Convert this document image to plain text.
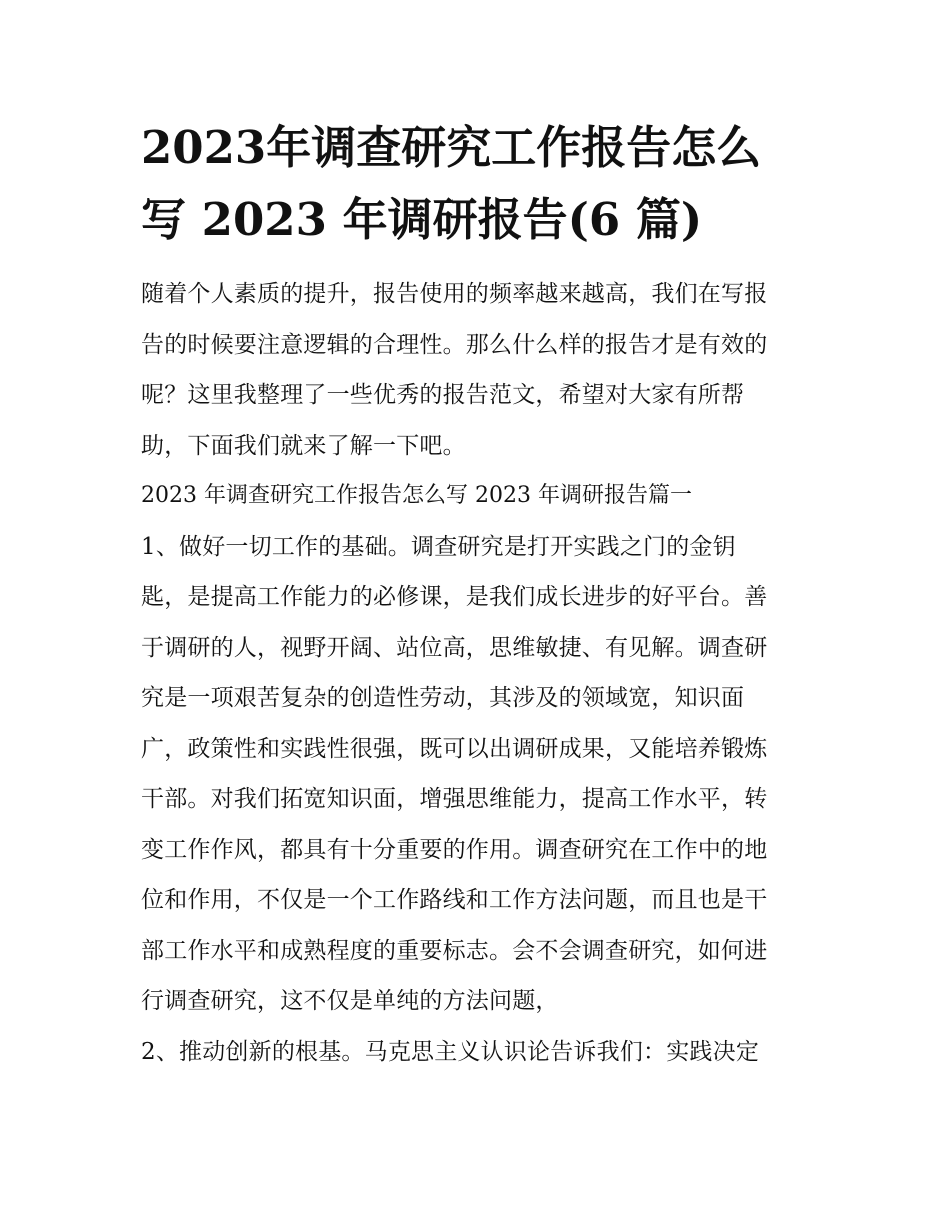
2023年调查研究工作报告怎么
写 2023 年调研报告(6 篇)

随着个人素质的提升，报告使用的频率越来越高，我们在写报
告的时候要注意逻辑的合理性。那么什么样的报告才是有效的
呢？这里我整理了一些优秀的报告范文，希望对大家有所帮
助，下面我们就来了解一下吧。

2023 年调查研究工作报告怎么写 2023 年调研报告篇一

1、做好一切工作的基础。调查研究是打开实践之门的金钥
匙，是提高工作能力的必修课，是我们成长进步的好平台。善
于调研的人，视野开阔、站位高，思维敏捷、有见解。调查研
究是一项艰苦复杂的创造性劳动，其涉及的领域宽，知识面
广，政策性和实践性很强，既可以出调研成果，又能培养锻炼
干部。对我们拓宽知识面，增强思维能力，提高工作水平，转
变工作作风，都具有十分重要的作用。调查研究在工作中的地
位和作用，不仅是一个工作路线和工作方法问题，而且也是干
部工作水平和成熟程度的重要标志。会不会调查研究，如何进
行调查研究，这不仅是单纯的方法问题，

2、推动创新的根基。马克思主义认识论告诉我们：实践决定
